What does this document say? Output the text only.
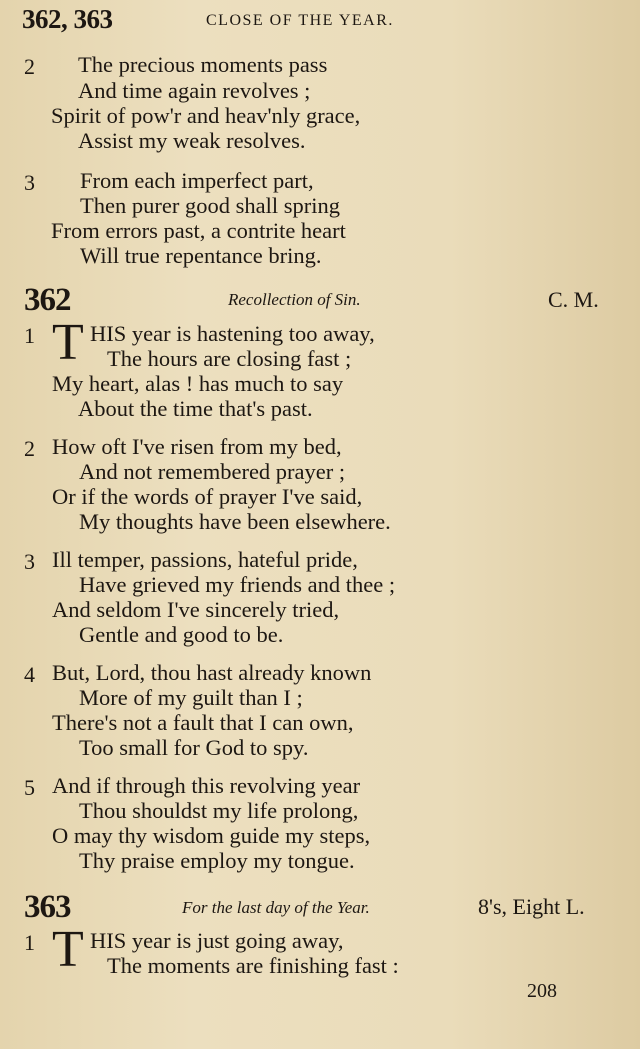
362, 363	CLOSE OF THE YEAR.
2 The precious moments pass
And time again revolves ;
Spirit of pow'r and heav'nly grace,
Assist my weak resolves.
3 From each imperfect part,
Then purer good shall spring
From errors past, a contrite heart
Will true repentance bring.
362	Recollection of Sin.	C. M.
1 T HIS year is hastening too away,
The hours are closing fast ;
My heart, alas ! has much to say
About the time that's past.
2 How oft I've risen from my bed,
And not remembered prayer ;
Or if the words of prayer I've said,
My thoughts have been elsewhere.
3 Ill temper, passions, hateful pride,
Have grieved my friends and thee ;
And seldom I've sincerely tried,
Gentle and good to be.
4 But, Lord, thou hast already known
More of my guilt than I ;
There's not a fault that I can own,
Too small for God to spy.
5 And if through this revolving year
Thou shouldst my life prolong,
O may thy wisdom guide my steps,
Thy praise employ my tongue.
363	For the last day of the Year.	8's, Eight L.
1 T HIS year is just going away,
The moments are finishing fast :
208
